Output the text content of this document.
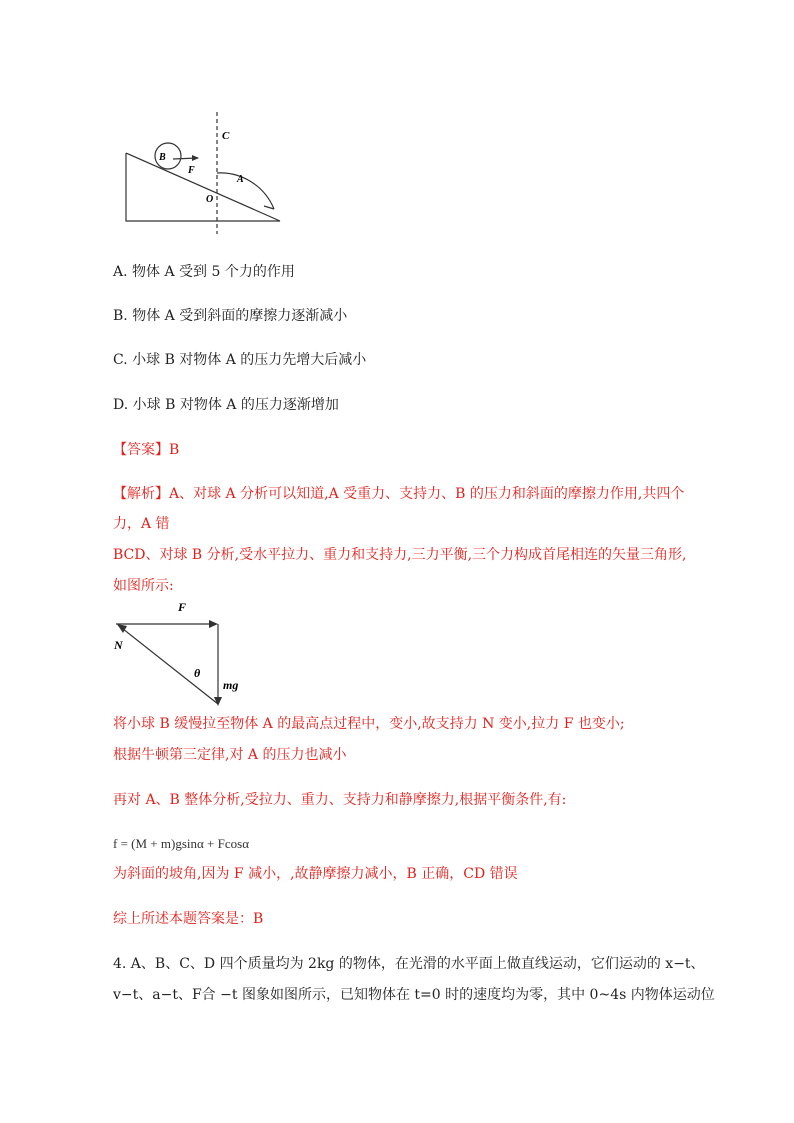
C
B
F
A
O
A. 物体 A 受到 5 个力的作用
B. 物体 A 受到斜面的摩擦力逐渐减小
C. 小球 B 对物体 A 的压力先增大后减小
D. 小球 B 对物体 A 的压力逐渐增加
【答案】B
【解析】A、对球 A 分析可以知道,A 受重力、支持力、B 的压力和斜面的摩擦力作用,共四个
力，A 错
BCD、对球 B 分析,受水平拉力、重力和支持力,三力平衡,三个力构成首尾相连的矢量三角形,
如图所示:
F
N
θ
mg
将小球 B 缓慢拉至物体 A 的最高点过程中，变小,故支持力 N 变小,拉力 F 也变小;
根据牛顿第三定律,对 A 的压力也减小
再对 A、B 整体分析,受拉力、重力、支持力和静摩擦力,根据平衡条件,有:
f = (M + m)gsinα + Fcosα
为斜面的坡角,因为 F 减小，,故静摩擦力减小，B 正确，CD 错误
综上所述本题答案是：B
4. A、B、C、D 四个质量均为 2kg 的物体，在光滑的水平面上做直线运动，它们运动的 x−t、
v−t、a−t、F合 −t 图象如图所示，已知物体在 t=0 时的速度均为零，其中 0~4s 内物体运动位
